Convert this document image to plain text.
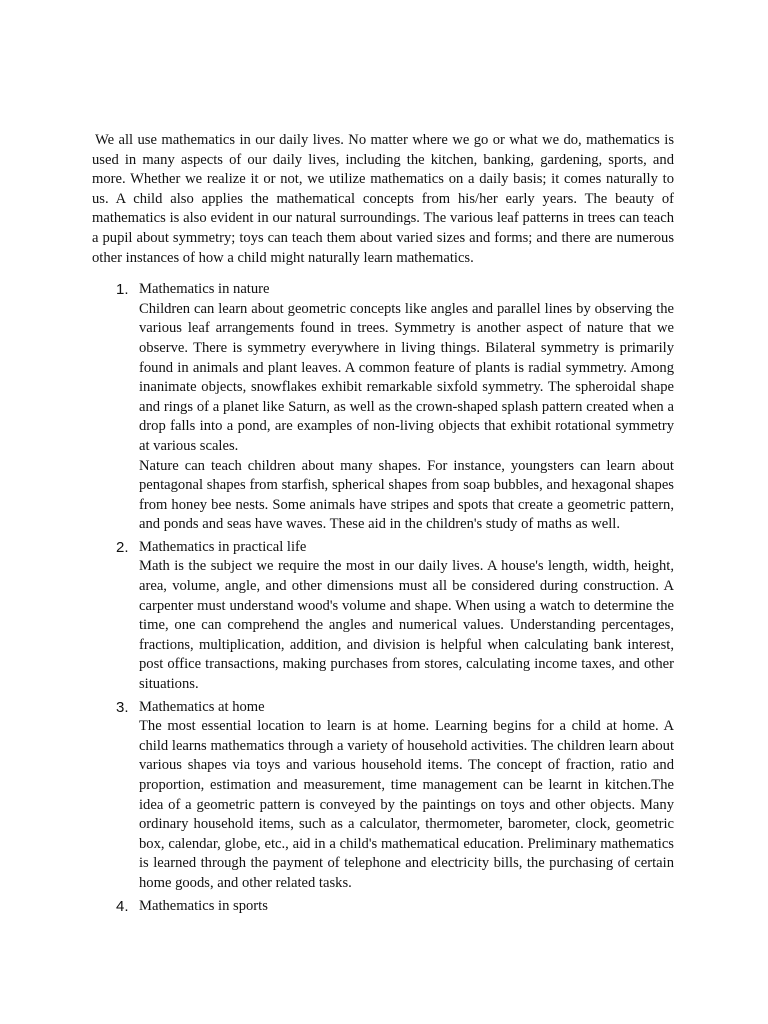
We all use mathematics in our daily lives. No matter where we go or what we do, mathematics is used in many aspects of our daily lives, including the kitchen, banking, gardening, sports, and more. Whether we realize it or not, we utilize mathematics on a daily basis; it comes naturally to us. A child also applies the mathematical concepts from his/her early years. The beauty of mathematics is also evident in our natural surroundings. The various leaf patterns in trees can teach a pupil about symmetry; toys can teach them about varied sizes and forms; and there are numerous other instances of how a child might naturally learn mathematics.

1. Mathematics in nature

Children can learn about geometric concepts like angles and parallel lines by observing the various leaf arrangements found in trees. Symmetry is another aspect of nature that we observe. There is symmetry everywhere in living things. Bilateral symmetry is primarily found in animals and plant leaves. A common feature of plants is radial symmetry. Among inanimate objects, snowflakes exhibit remarkable sixfold symmetry. The spheroidal shape and rings of a planet like Saturn, as well as the crown-shaped splash pattern created when a drop falls into a pond, are examples of non-living objects that exhibit rotational symmetry at various scales.

Nature can teach children about many shapes. For instance, youngsters can learn about pentagonal shapes from starfish, spherical shapes from soap bubbles, and hexagonal shapes from honey bee nests. Some animals have stripes and spots that create a geometric pattern, and ponds and seas have waves. These aid in the children's study of maths as well.

2. Mathematics in practical life

Math is the subject we require the most in our daily lives. A house's length, width, height, area, volume, angle, and other dimensions must all be considered during construction. A carpenter must understand wood's volume and shape. When using a watch to determine the time, one can comprehend the angles and numerical values. Understanding percentages, fractions, multiplication, addition, and division is helpful when calculating bank interest, post office transactions, making purchases from stores, calculating income taxes, and other situations.

3. Mathematics at home

The most essential location to learn is at home. Learning begins for a child at home. A child learns mathematics through a variety of household activities. The children learn about various shapes via toys and various household items. The concept of fraction, ratio and proportion, estimation and measurement, time management can be learnt in kitchen.The idea of a geometric pattern is conveyed by the paintings on toys and other objects. Many ordinary household items, such as a calculator, thermometer, barometer, clock, geometric box, calendar, globe, etc., aid in a child's mathematical education. Preliminary mathematics is learned through the payment of telephone and electricity bills, the purchasing of certain home goods, and other related tasks.

4. Mathematics in sports
